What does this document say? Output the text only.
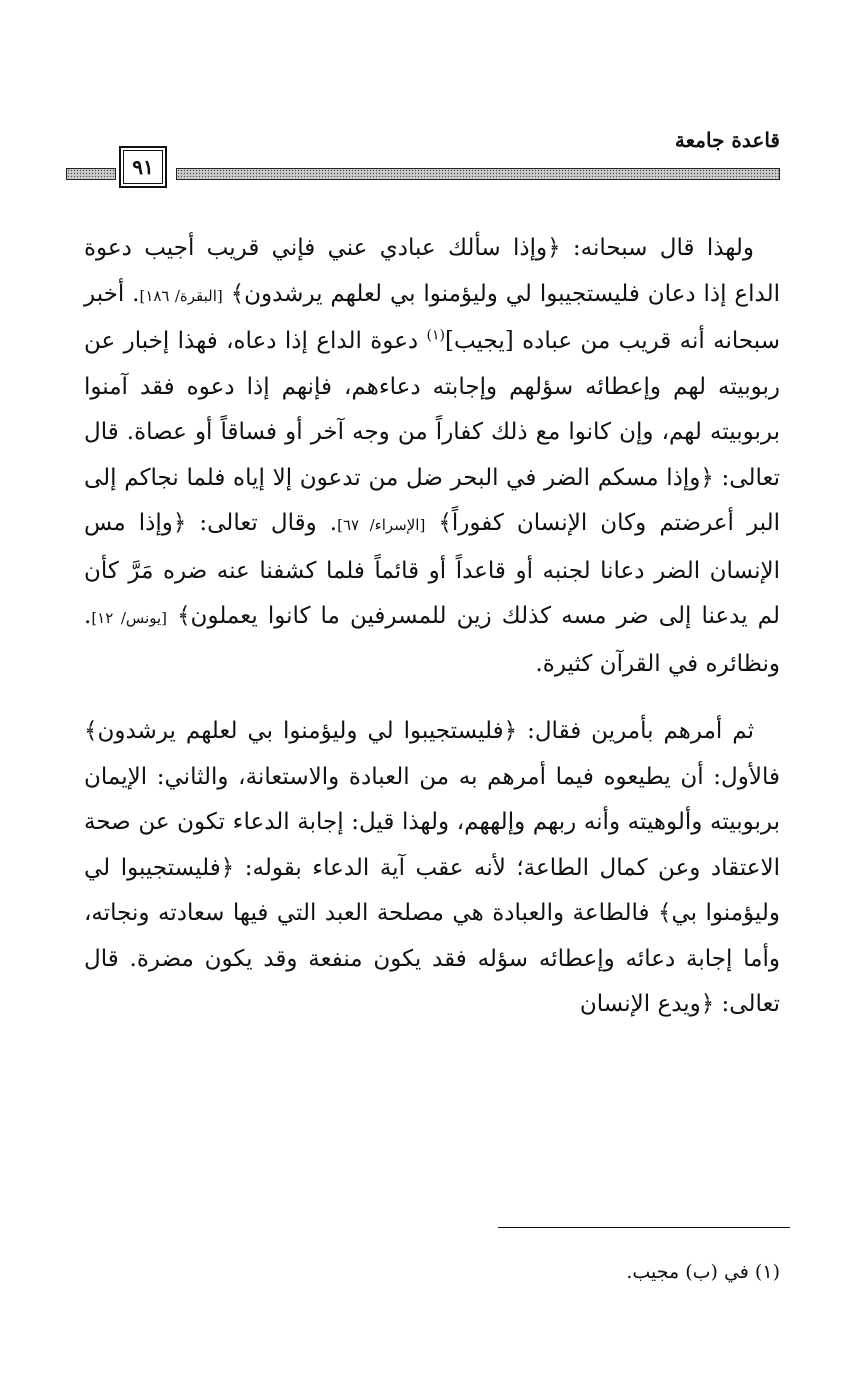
قاعدة جامعة
٩١

ولهذا قال سبحانه: ﴿وإذا سألك عبادي عني فإني قريب أجيب دعوة الداع إذا دعان فليستجيبوا لي وليؤمنوا بي لعلهم يرشدون﴾ [البقرة/ ١٨٦]. أخبر سبحانه أنه قريب من عباده [يجيب]$^{(١)}$ دعوة الداع إذا دعاه، فهذا إخبار عن ربوبيته لهم وإعطائه سؤلهم وإجابته دعاءهم، فإنهم إذا دعوه فقد آمنوا بربوبيته لهم، وإن كانوا مع ذلك كفاراً من وجه آخر أو فساقاً أو عصاة. قال تعالى: ﴿وإذا مسكم الضر في البحر ضل من تدعون إلا إياه فلما نجاكم إلى البر أعرضتم وكان الإنسان كفوراً﴾ [الإسراء/ ٦٧]. وقال تعالى: ﴿وإذا مس الإنسان الضر دعانا لجنبه أو قاعداً أو قائماً فلما كشفنا عنه ضره مَرَّ كأن لم يدعنا إلى ضر مسه كذلك زين للمسرفين ما كانوا يعملون﴾ [يونس/ ١٢]. ونظائره في القرآن كثيرة.

ثم أمرهم بأمرين فقال: ﴿فليستجيبوا لي وليؤمنوا بي لعلهم يرشدون﴾ فالأول: أن يطيعوه فيما أمرهم به من العبادة والاستعانة، والثاني: الإيمان بربوبيته وألوهيته وأنه ربهم وإلههم، ولهذا قيل: إجابة الدعاء تكون عن صحة الاعتقاد وعن كمال الطاعة؛ لأنه عقب آية الدعاء بقوله: ﴿فليستجيبوا لي وليؤمنوا بي﴾ فالطاعة والعبادة هي مصلحة العبد التي فيها سعادته ونجاته، وأما إجابة دعائه وإعطائه سؤله فقد يكون منفعة وقد يكون مضرة. قال تعالى: ﴿ويدع الإنسان

(١) في (ب) مجيب.
